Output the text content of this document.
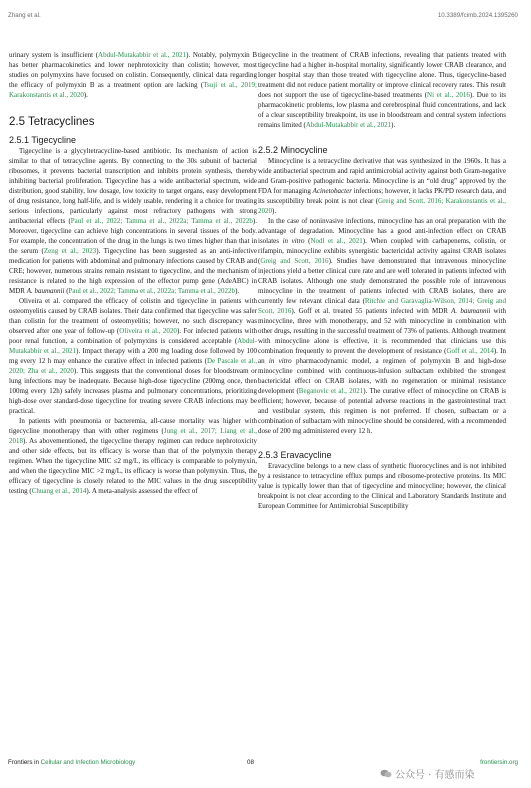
Zhang et al.	10.3389/fcimb.2024.1395260

urinary system is insufficient (Abdul-Mutakabbir et al., 2021). Notably, polymyxin B has better pharmacokinetics and lower nephrotoxicity than colistin; however, most studies on polymyxins have focused on colistin. Consequently, clinical data regarding the efficacy of polymyxin B as a treatment option are lacking (Tsuji et al., 2019; Karakonstantis et al., 2020).

2.5 Tetracyclines
2.5.1 Tigecycline

Tigecycline is a glycyltetracycline-based antibiotic. Its mechanism of action is similar to that of tetracycline agents. By connecting to the 30s subunit of bacterial ribosomes, it prevents bacterial transcription and inhibits protein synthesis, thereby inhibiting bacterial proliferation. Tigecycline has a wide antibacterial spectrum, wide distribution, good stability, low dosage, low toxicity to target organs, easy development of drug resistance, long half-life, and is widely usable, rendering it a choice for treating serious infections, particularly against most refractory pathogens with strong antibacterial effects (Paul et al., 2022; Tamma et al., 2022a; Tamma et al., 2022b). Moreover, tigecycline can achieve high concentrations in several tissues of the body. For example, the concentration of the drug in the lungs is two times higher than that in the serum (Zeng et al., 2023). Tigecycline has been suggested as an anti-infective medication for patients with abdominal and pulmonary infections caused by CRAB and CRE; however, numerous strains remain resistant to tigecycline, and the mechanism of resistance is related to the high expression of the effector pump gene (AdeABC) in MDR A. baumannii (Paul et al., 2022; Tamma et al., 2022a; Tamma et al., 2022b).

Oliveira et al. compared the efficacy of colistin and tigecycline in patients with osteomyelitis caused by CRAB isolates. Their data confirmed that tigecycline was safer than colistin for the treatment of osteomyelitis; however, no such discrepancy was observed after one year of follow-up (Oliveira et al., 2020). For infected patients with poor renal function, a combination of polymyxins is considered acceptable (Abdul-Mutakabbir et al., 2021). Impact therapy with a 200 mg loading dose followed by 100 mg every 12 h may enhance the curative effect in infected patients (De Pascale et al., 2020; Zha et al., 2020). This suggests that the conventional doses for bloodstream or lung infections may be inadequate. Because high-dose tigecycline (200mg once, then 100mg every 12h) safely increases plasma and pulmonary concentrations, prioritizing high-dose over standard-dose tigecycline for treating severe CRAB infections may be practical.

In patients with pneumonia or bacteremia, all-cause mortality was higher with tigecycline monotherapy than with other regimens (Jung et al., 2017; Liang et al., 2018). As abovementioned, the tigecycline therapy regimen can reduce nephrotoxicity and other side effects, but its efficacy is worse than that of the polymyxin therapy regimen. When the tigecycline MIC ≤2 mg/L, its efficacy is comparable to polymyxin, and when the tigecycline MIC >2 mg/L, its efficacy is worse than polymyxin. Thus, the efficacy of tigecycline is closely related to the MIC values in the drug susceptibility testing (Chuang et al., 2014). A meta-analysis assessed the effect of

tigecycline in the treatment of CRAB infections, revealing that patients treated with tigecycline had a higher in-hospital mortality, significantly lower CRAB clearance, and longer hospital stay than those treated with tigecycline alone. Thus, tigecycline-based treatment did not reduce patient mortality or improve clinical recovery rates. This result does not support the use of tigecycline-based treatments (Ni et al., 2016). Due to its pharmacokinetic problems, low plasma and cerebrospinal fluid concentrations, and lack of a clear susceptibility breakpoint, its use in bloodstream and central system infections remains limited (Abdul-Mutakabbir et al., 2021).

2.5.2 Minocycline

Minocycline is a tetracycline derivative that was synthesized in the 1960s. It has a wide antibacterial spectrum and rapid antimicrobial activity against both Gram-negative and Gram-positive pathogenic bacteria. Minocycline is an “old drug” approved by the FDA for managing Acinetobacter infections; however, it lacks PK/PD research data, and its susceptibility break point is not clear (Greig and Scott, 2016; Karakonstantis et al., 2020).

In the case of noninvasive infections, minocycline has an oral preparation with the advantage of degradation. Minocycline has a good anti-infection effect on CRAB isolates in vitro (Nodl et al., 2021). When coupled with carbapenems, colistin, or rifampin, minocycline exhibits synergistic bactericidal activity against CRAB isolates (Greig and Scott, 2016). Studies have demonstrated that intravenous minocycline injections yield a better clinical cure rate and are well tolerated in patients infected with CRAB isolates. Although one study demonstrated the possible role of intravenous minocycline in the treatment of patients infected with CRAB isolates, there are currently few relevant clinical data (Ritchie and Garavaglia-Wilson, 2014; Greig and Scott, 2016). Goff et al. treated 55 patients infected with MDR A. baumannii with minocycline, three with monotherapy, and 52 with minocycline in combination with other drugs, resulting in the successful treatment of 73% of patients. Although treatment with minocycline alone is effective, it is recommended that clinicians use this combination frequently to prevent the development of resistance (Goff et al., 2014). In an in vitro pharmacodynamic model, a regimen of polymyxin B and high-dose minocycline combined with continuous-infusion sulbactam exhibited the strongest bactericidal effect on CRAB isolates, with no regeneration or minimal resistance development (Beganovic et al., 2021). The curative effect of minocycline on CRAB is efficient; however, because of potential adverse reactions in the gastrointestinal tract and vestibular system, this regimen is not preferred. If chosen, sulbactam or a combination of sulbactam with minocycline should be considered, with a recommended dose of 200 mg administered every 12 h.

2.5.3 Eravacycline

Eravacycline belongs to a new class of synthetic fluorocyclines and is not inhibited by a resistance to tetracycline efflux pumps and ribosome-protective proteins. Its MIC value is typically lower than that of tigecycline and minocycline; however, the clinical breakpoint is not clear according to the Clinical and Laboratory Standards Institute and European Committee for Antimicrobial Susceptibility

Frontiers in Cellular and Infection Microbiology	08	frontiersin.org
公众号 · 有感而染
